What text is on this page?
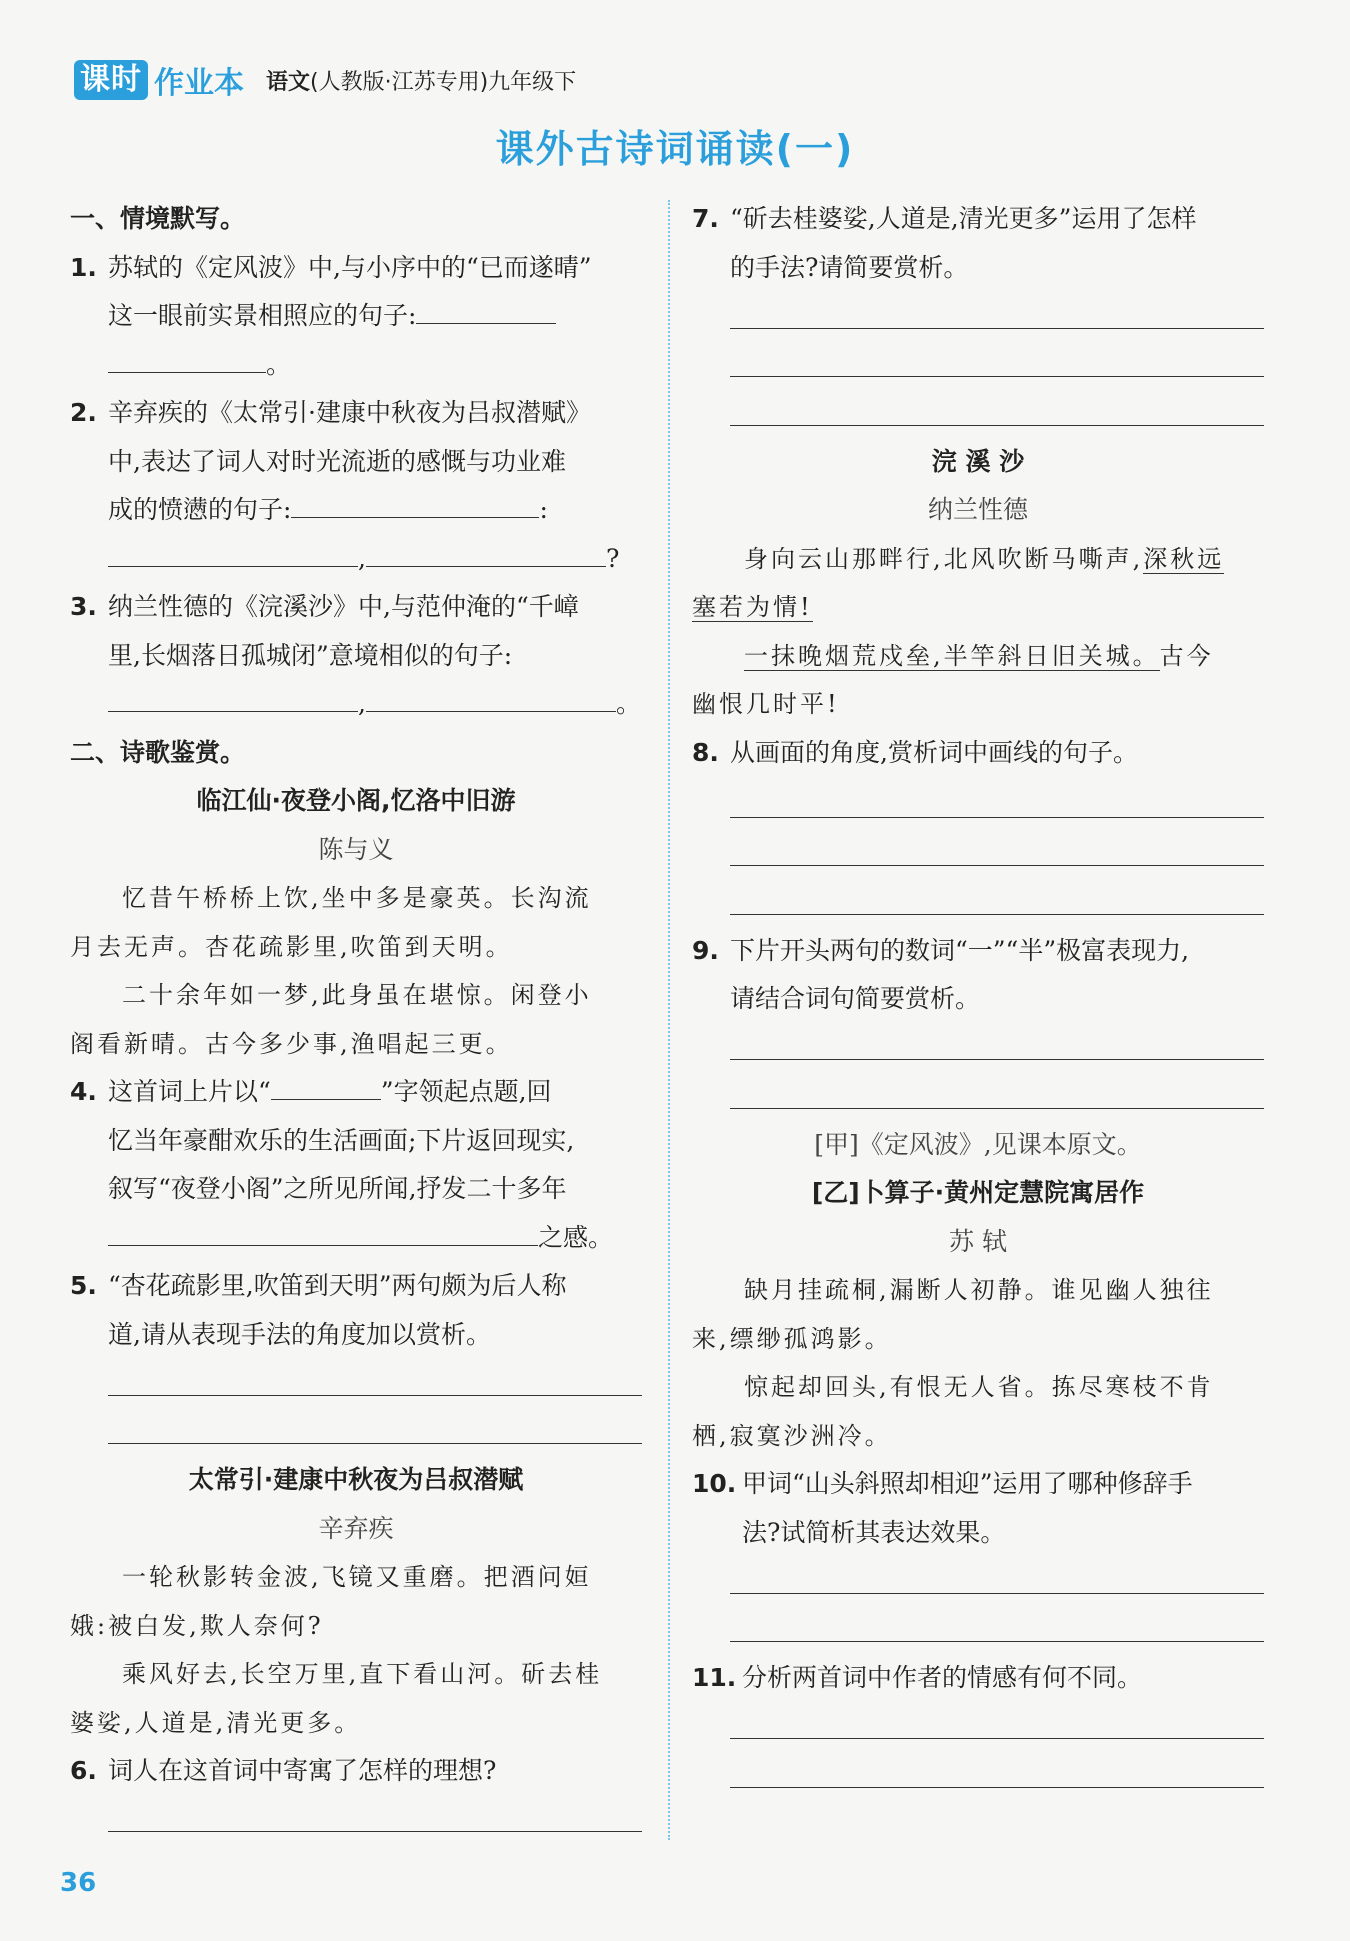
课时 作业本 语文(人教版·江苏专用)九年级下
课外古诗词诵读(一)
一、情境默写。
1. 苏轼的《定风波》中,与小序中的“已而遂晴”
这一眼前实景相照应的句子:
。
2. 辛弃疾的《太常引·建康中秋夜为吕叔潜赋》
中,表达了词人对时光流逝的感慨与功业难
成的愤懑的句子:	:
,	?
3. 纳兰性德的《浣溪沙》中,与范仲淹的“千嶂
里,长烟落日孤城闭”意境相似的句子:
,	。
二、诗歌鉴赏。
临江仙·夜登小阁,忆洛中旧游
陈与义
忆昔午桥桥上饮,坐中多是豪英。长沟流
月去无声。杏花疏影里,吹笛到天明。
二十余年如一梦,此身虽在堪惊。闲登小
阁看新晴。古今多少事,渔唱起三更。
4. 这首词上片以“	”字领起点题,回
忆当年豪酣欢乐的生活画面;下片返回现实,
叙写“夜登小阁”之所见所闻,抒发二十多年
之感。
5. “杏花疏影里,吹笛到天明”两句颇为后人称
道,请从表现手法的角度加以赏析。
太常引·建康中秋夜为吕叔潜赋
辛弃疾
一轮秋影转金波,飞镜又重磨。把酒问姮
娥:被白发,欺人奈何?
乘风好去,长空万里,直下看山河。斫去桂
婆娑,人道是,清光更多。
6. 词人在这首词中寄寓了怎样的理想?
7. “斫去桂婆娑,人道是,清光更多”运用了怎样
的手法?请简要赏析。
浣 溪 沙
纳兰性德
身向云山那畔行,北风吹断马嘶声,深秋远
塞若为情!
一抹晚烟荒戍垒,半竿斜日旧关城。古今
幽恨几时平!
8. 从画面的角度,赏析词中画线的句子。
9. 下片开头两句的数词“一”“半”极富表现力,
请结合词句简要赏析。
[甲]《定风波》,见课本原文。
[乙]卜算子·黄州定慧院寓居作
苏 轼
缺月挂疏桐,漏断人初静。谁见幽人独往
来,缥缈孤鸿影。
惊起却回头,有恨无人省。拣尽寒枝不肯
栖,寂寞沙洲冷。
10. 甲词“山头斜照却相迎”运用了哪种修辞手
法?试简析其表达效果。
11. 分析两首词中作者的情感有何不同。
36
